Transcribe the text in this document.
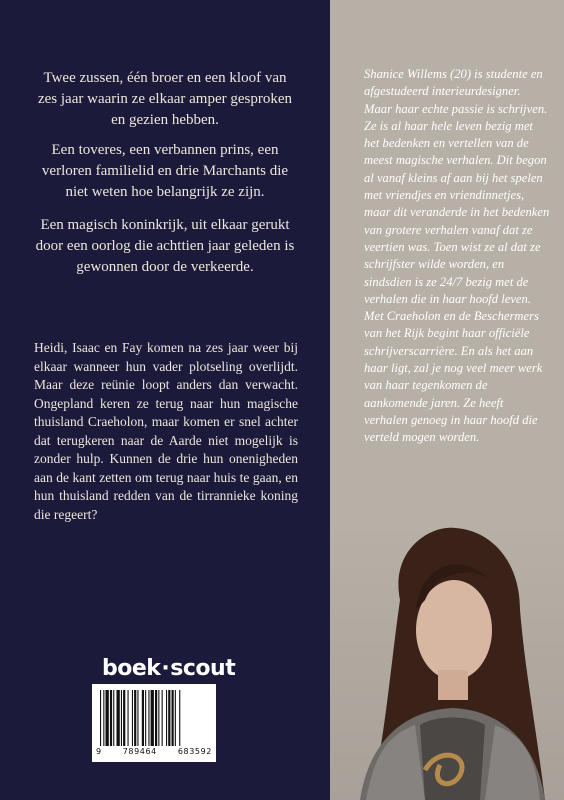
Twee zussen, één broer en een kloof van zes jaar waarin ze elkaar amper gesproken en gezien hebben.

Een toveres, een verbannen prins, een verloren familielid en drie Marchants die niet weten hoe belangrijk ze zijn.

Een magisch koninkrijk, uit elkaar gerukt door een oorlog die achttien jaar geleden is gewonnen door de verkeerde.

Heidi, Isaac en Fay komen na zes jaar weer bij elkaar wanneer hun vader plotseling overlijdt. Maar deze reünie loopt anders dan verwacht. Ongepland keren ze terug naar hun magische thuisland Craeholon, maar komen er snel achter dat terugkeren naar de Aarde niet mogelijk is zonder hulp. Kunnen de drie hun onenigheden aan de kant zetten om terug naar huis te gaan, en hun thuisland redden van de tirrannieke koning die regeert?

boek·scout
9	789464	683592

Shanice Willems (20) is studente en afgestudeerd interieurdesigner. Maar haar echte passie is schrijven. Ze is al haar hele leven bezig met het bedenken en vertellen van de meest magische verhalen. Dit begon al vanaf kleins af aan bij het spelen met vriendjes en vriendinnetjes, maar dit veranderde in het bedenken van grotere verhalen vanaf dat ze veertien was. Toen wist ze al dat ze schrijfster wilde worden, en sindsdien is ze 24/7 bezig met de verhalen die in haar hoofd leven. Met Craeholon en de Beschermers van het Rijk begint haar officiële schrijverscarrière. En als het aan haar ligt, zal je nog veel meer werk van haar tegenkomen de aankomende jaren. Ze heeft verhalen genoeg in haar hoofd die verteld mogen worden.
